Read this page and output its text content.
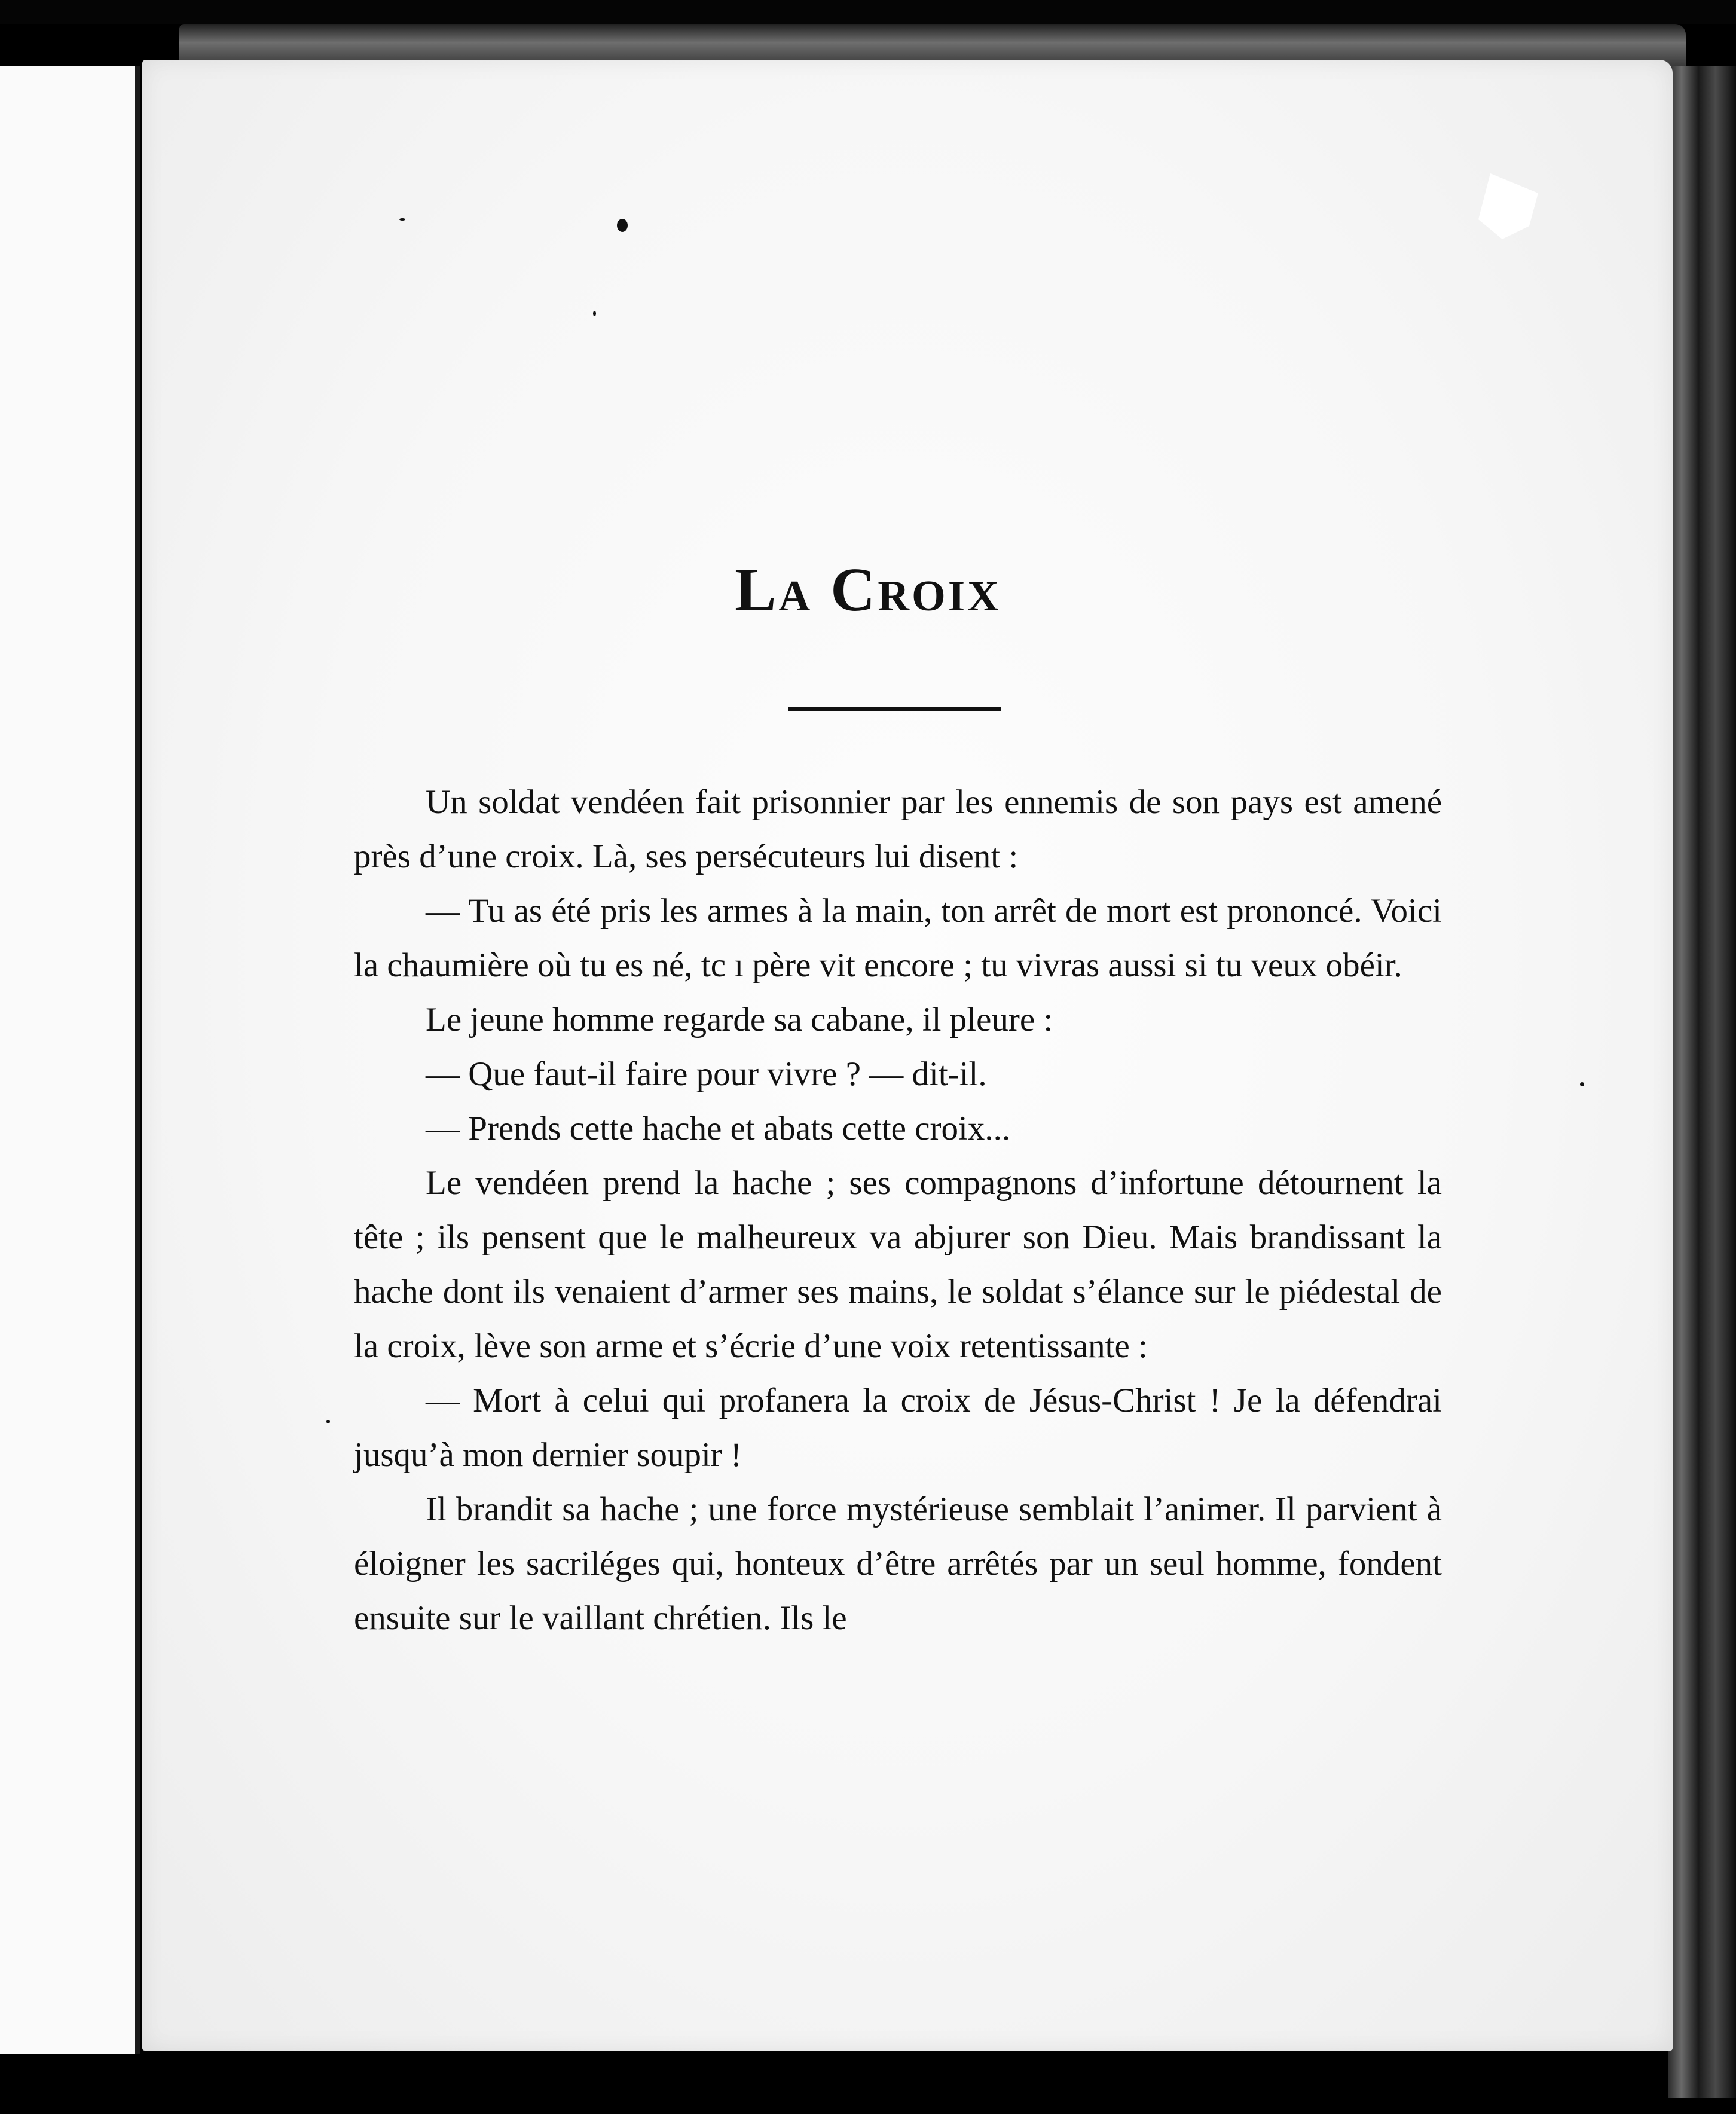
La Croix

Un soldat vendéen fait prisonnier par les ennemis de son pays est amené près d’une croix. Là, ses persécuteurs lui disent :

— Tu as été pris les armes à la main, ton arrêt de mort est prononcé. Voici la chaumière où tu es né, tc ı père vit encore ; tu vivras aussi si tu veux obéir.

Le jeune homme regarde sa cabane, il pleure :

— Que faut-il faire pour vivre ? — dit-il.

— Prends cette hache et abats cette croix...

Le vendéen prend la hache ; ses compagnons d’infortune détournent la tête ; ils pensent que le malheureux va abjurer son Dieu. Mais brandissant la hache dont ils venaient d’armer ses mains, le soldat s’élance sur le piédestal de la croix, lève son arme et s’écrie d’une voix retentissante :

— Mort à celui qui profanera la croix de Jésus-Christ ! Je la défendrai jusqu’à mon dernier soupir !

Il brandit sa hache ; une force mystérieuse semblait l’animer. Il parvient à éloigner les sacriléges qui, honteux d’être arrêtés par un seul homme, fondent ensuite sur le vaillant chrétien. Ils le
